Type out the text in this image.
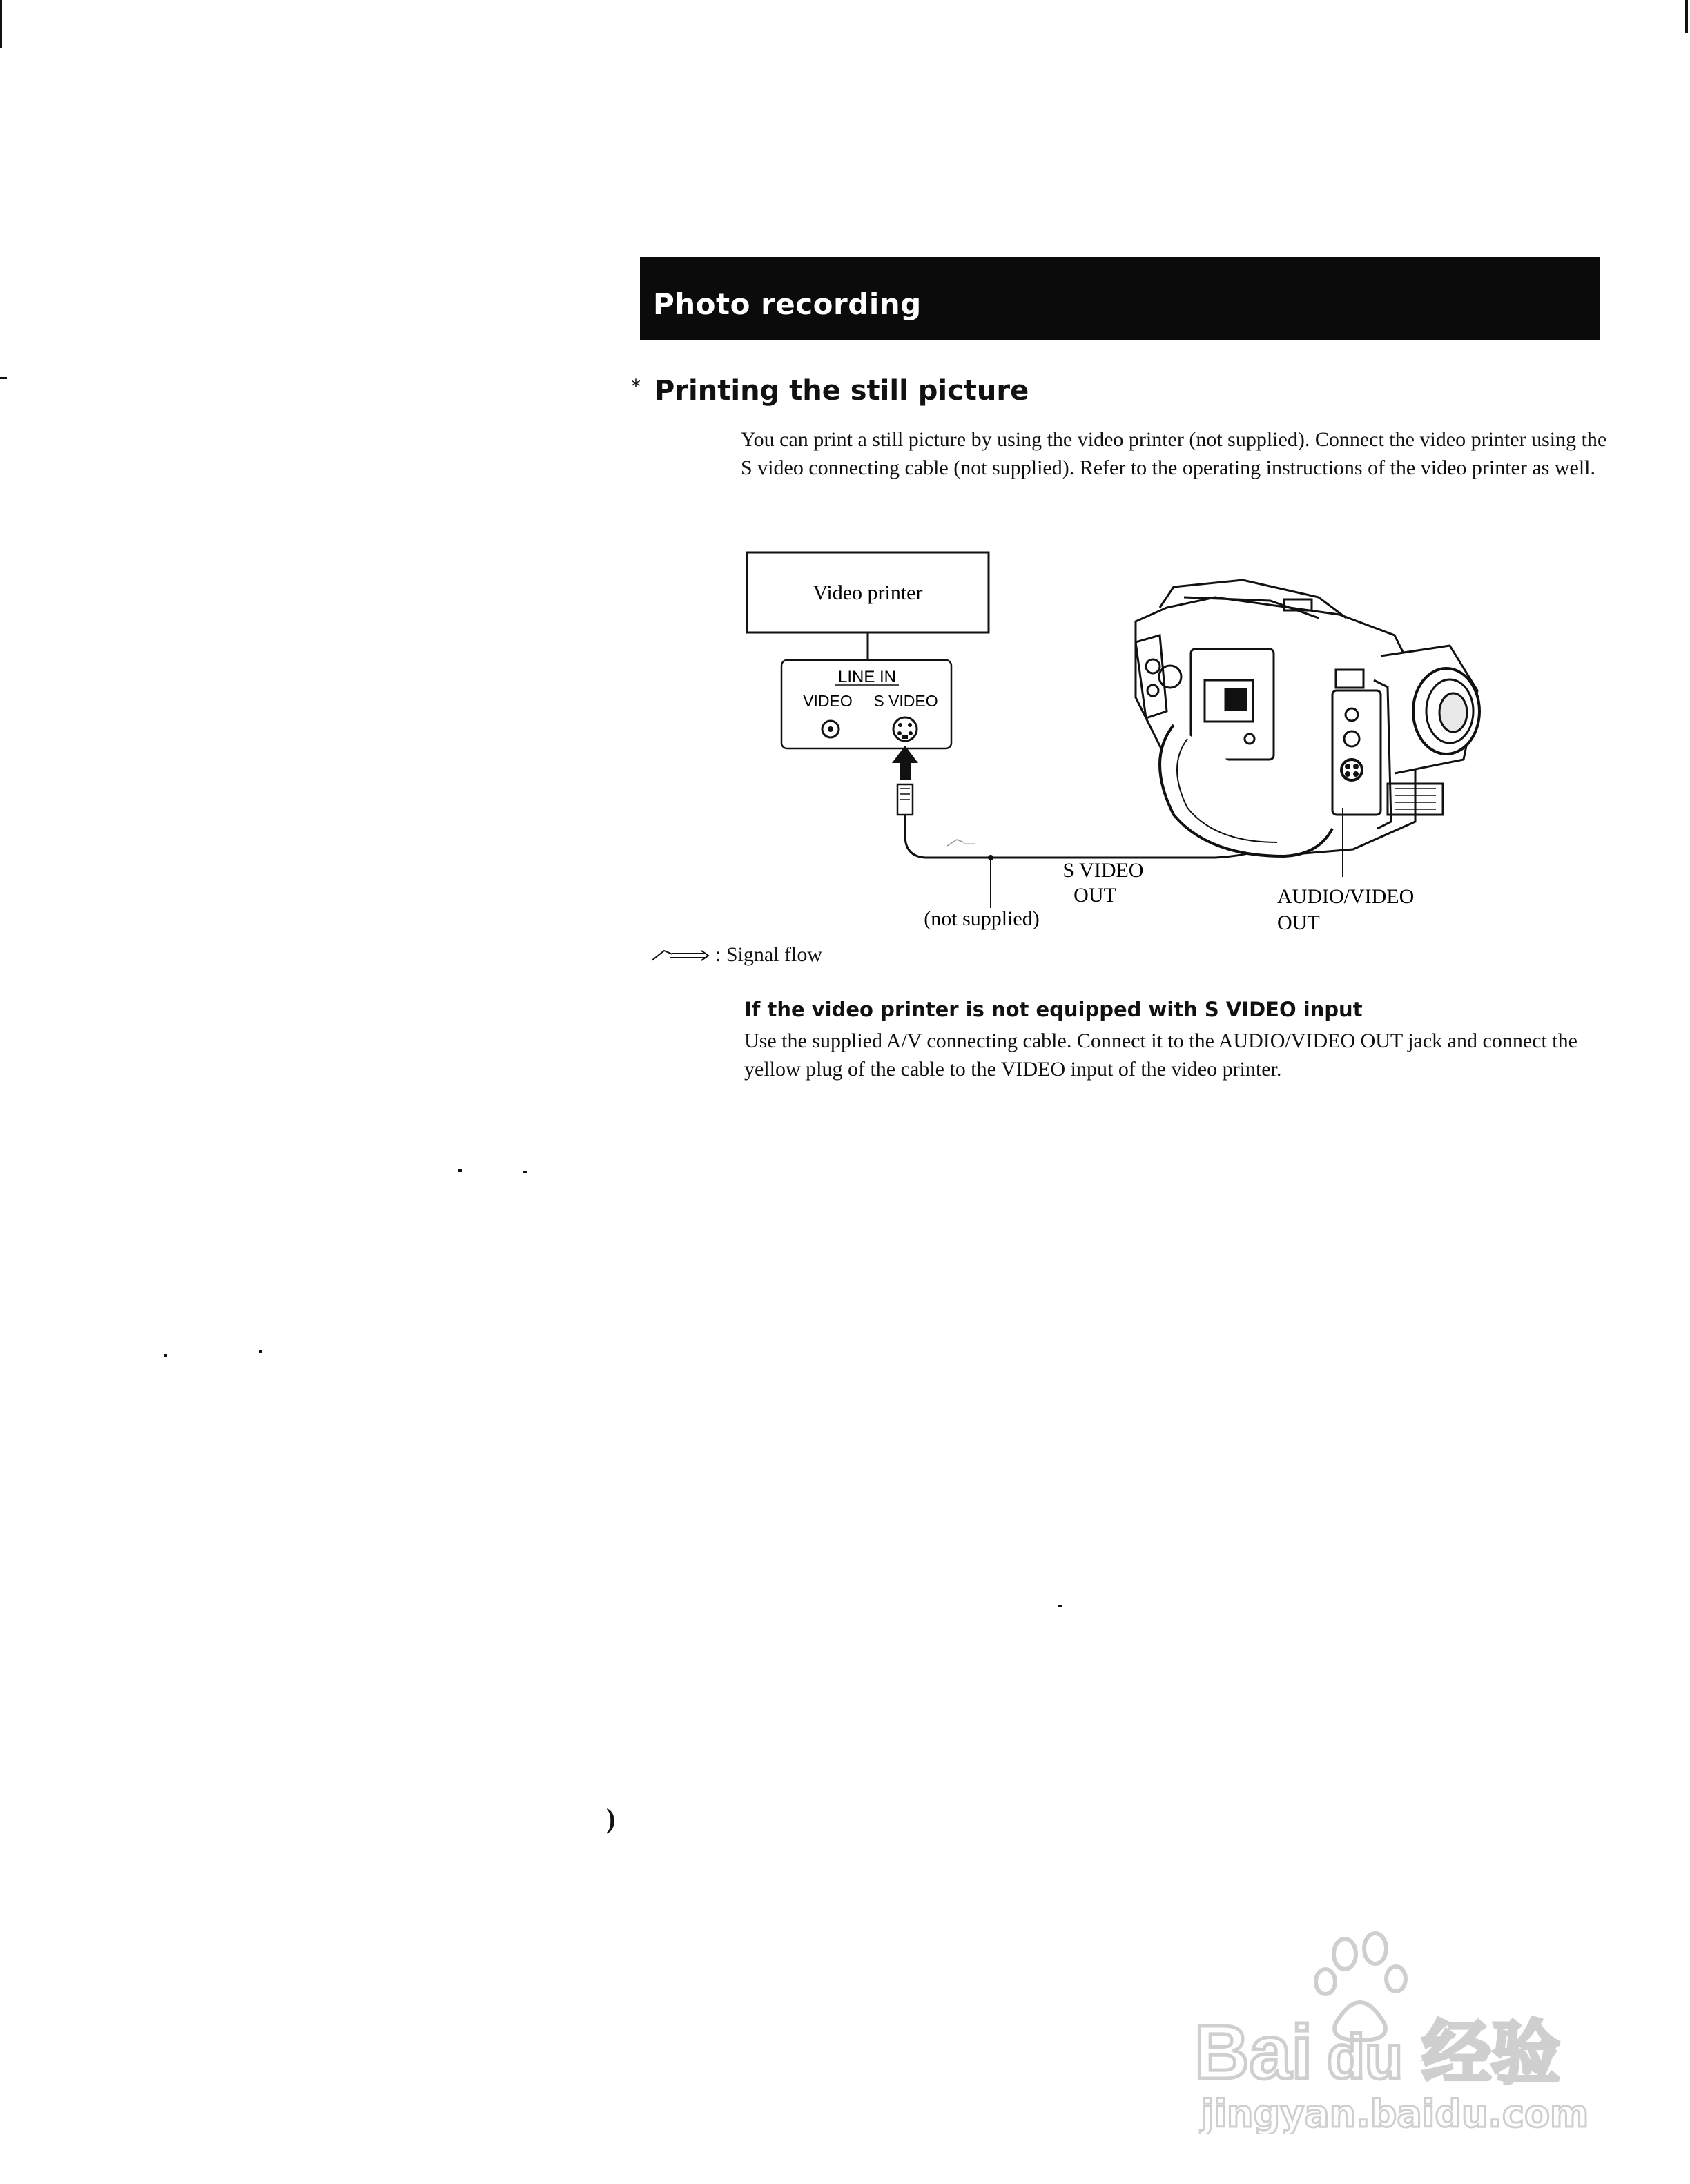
Photo recording
* Printing the still picture

You can print a still picture by using the video printer (not supplied). Connect the video printer using the S video connecting cable (not supplied). Refer to the operating instructions of the video printer as well.

Video printer
LINE IN
VIDEO S VIDEO
S VIDEO
OUT	AUDIO/VIDEO
OUT
(not supplied)
: Signal flow
If the video printer is not equipped with S VIDEO input

Use the supplied A/V connecting cable. Connect it to the AUDIO/VIDEO OUT jack and connect the yellow plug of the cable to the VIDEO input of the video printer.

)
Bai du 经验
jingyan.baidu.com
